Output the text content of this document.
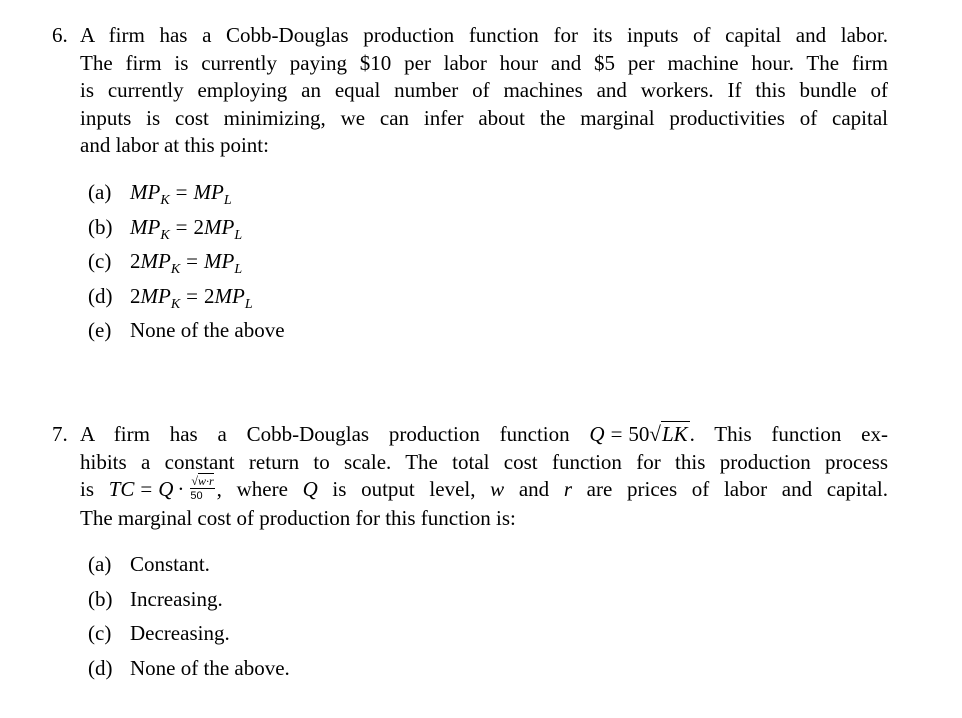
6. A firm has a Cobb-Douglas production function for its inputs of capital and labor.
The firm is currently paying $10 per labor hour and $5 per machine hour. The firm
is currently employing an equal number of machines and workers. If this bundle of
inputs is cost minimizing, we can infer about the marginal productivities of capital
and labor at this point:
(a) $MP_K = MP_L$
(b) $MP_K = 2MP_L$
(c) $2MP_K = MP_L$
(d) $2MP_K = 2MP_L$
(e) None of the above
7. A firm has a Cobb-Douglas production function Q = 50√LK. This function ex-
hibits a constant return to scale. The total cost function for this production process
is TC = $Q \cdot \frac{√w\cdot r}{50}$ , where Q is output level, w and r are prices of labor and capital.
The marginal cost of production for this function is:
(a) Constant.
(b) Increasing.
(c) Decreasing.
(d) None of the above.
